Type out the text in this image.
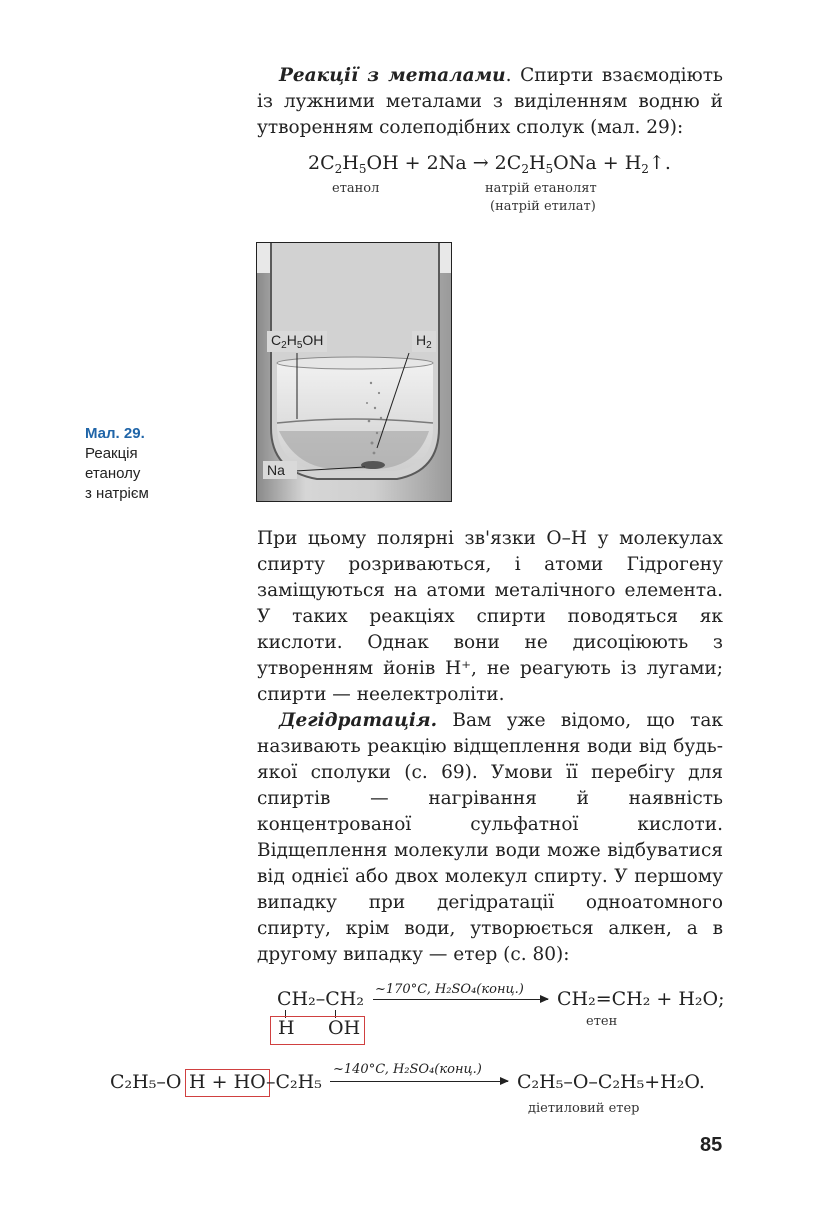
Реакції з металами. Спирти взаємодіють із лужними металами з виділенням водню й утворенням солеподібних сполук (мал. 29):
$2C_2H_5OH + 2Na \to 2C_2H_5ONa$ + $H_2↑$.
етанол	натрій етанолят
(натрій етилат)
$C_2H_5OH$	$H_2$
Na
Мал. 29.
Реакція
етанолу
з натрієм
При цьому полярні зв'язки O–H у молекулах спирту розриваються, і атоми Гідрогену заміщуються на атоми металічного елемента. У таких реакціях спирти поводяться як кислоти. Однак вони не дисоціюють з утворенням йонів H⁺, не реагують із лугами; спирти — неелектроліти.
Дегідратація. Вам уже відомо, що так називають реакцію відщеплення води від будь-якої сполуки (с. 69). Умови її перебігу для спиртів — нагрівання й наявність концентрованої сульфатної кислоти. Відщеплення молекули води може відбуватися від однієї або двох молекул спирту. У першому випадку при дегідратації одноатомного спирту, крім води, утворюється алкен, а в другому випадку — етер (с. 80):
CH₂–CH₂
H OH
~170°C, H₂SO₄(конц.) CH₂=CH₂ + H₂O;
етен
C₂H₅–O H + HO –C₂H₅
~140°C, H₂SO₄(конц.)
C₂H₅–O–C₂H₅+H₂O.
діетиловий етер
85
